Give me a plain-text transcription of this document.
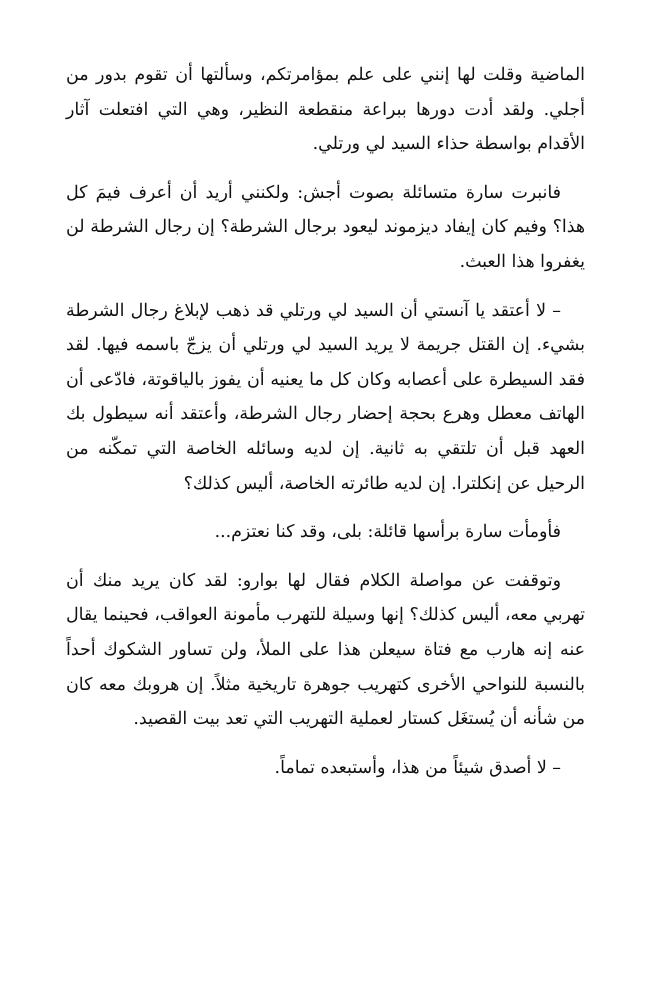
الماضية وقلت لها إنني على علم بمؤامرتكم، وسألتها أن تقوم بدور من أجلي. ولقد أدت دورها ببراعة منقطعة النظير، وهي التي افتعلت آثار الأقدام بواسطة حذاء السيد لي ورتلي.

فانبرت سارة متسائلة بصوت أجش: ولكنني أريد أن أعرف فيمَ كل هذا؟ وفيم كان إيفاد ديزموند ليعود برجال الشرطة؟ إن رجال الشرطة لن يغفروا هذا العبث.

– لا أعتقد يا آنستي أن السيد لي ورتلي قد ذهب لإبلاغ رجال الشرطة بشيء. إن القتل جريمة لا يريد السيد لي ورتلي أن يزجّ باسمه فيها. لقد فقد السيطرة على أعصابه وكان كل ما يعنيه أن يفوز بالياقوتة، فادّعى أن الهاتف معطل وهرع بحجة إحضار رجال الشرطة، وأعتقد أنه سيطول بك العهد قبل أن تلتقي به ثانية. إن لديه وسائله الخاصة التي تمكّنه من الرحيل عن إنكلترا. إن لديه طائرته الخاصة، أليس كذلك؟

فأومأت سارة برأسها قائلة: بلى، وقد كنا نعتزم...

وتوقفت عن مواصلة الكلام فقال لها بوارو: لقد كان يريد منك أن تهربي معه، أليس كذلك؟ إنها وسيلة للتهرب مأمونة العواقب، فحينما يقال عنه إنه هارب مع فتاة سيعلن هذا على الملأ، ولن تساور الشكوك أحداً بالنسبة للنواحي الأخرى كتهريب جوهرة تاريخية مثلاً. إن هروبك معه كان من شأنه أن يُستغَل كستار لعملية التهريب التي تعد بيت القصيد.

– لا أصدق شيئاً من هذا، وأستبعده تماماً.
